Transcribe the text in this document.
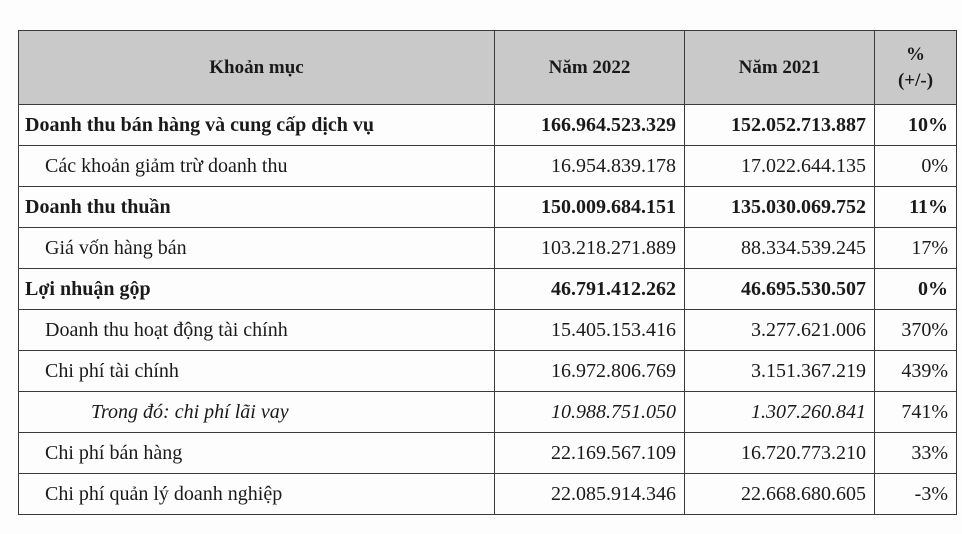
Khoản mục	Năm 2022	Năm 2021	%
(+/-)

Doanh thu bán hàng và cung cấp dịch vụ	166.964.523.329	152.052.713.887	10%
Các khoản giảm trừ doanh thu	16.954.839.178	17.022.644.135	0%
Doanh thu thuần	150.009.684.151	135.030.069.752	11%
Giá vốn hàng bán	103.218.271.889	88.334.539.245	17%
Lợi nhuận gộp	46.791.412.262	46.695.530.507	0%
Doanh thu hoạt động tài chính	15.405.153.416	3.277.621.006	370%
Chi phí tài chính	16.972.806.769	3.151.367.219	439%
Trong đó: chi phí lãi vay	10.988.751.050	1.307.260.841	741%
Chi phí bán hàng	22.169.567.109	16.720.773.210	33%
Chi phí quản lý doanh nghiệp	22.085.914.346	22.668.680.605	-3%
